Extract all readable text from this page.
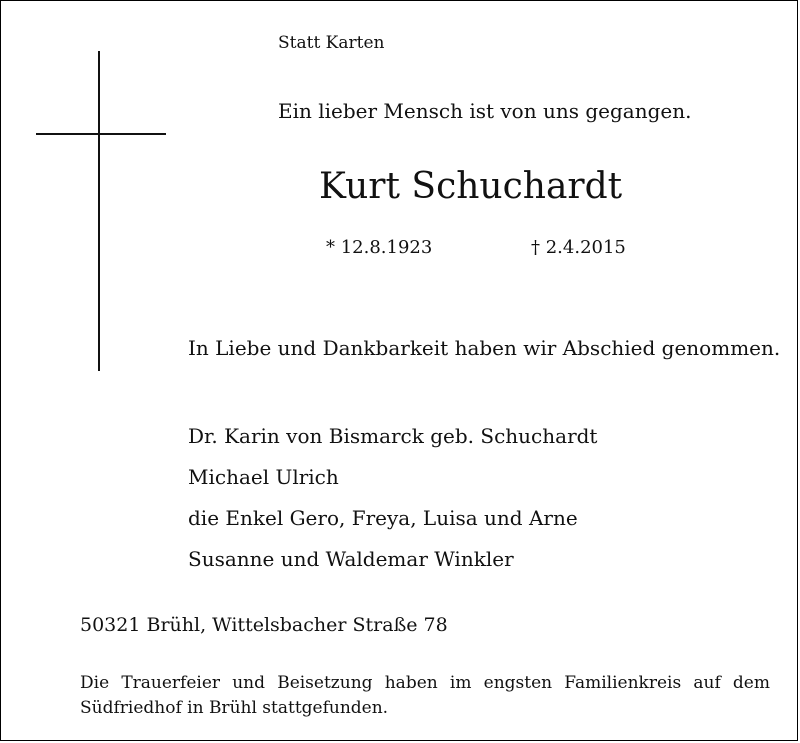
Statt Karten
Ein lieber Mensch ist von uns gegangen.
Kurt Schuchardt
* 12.8.1923	† 2.4.2015
In Liebe und Dankbarkeit haben wir Abschied genommen.
Dr. Karin von Bismarck geb. Schuchardt
Michael Ulrich
die Enkel Gero, Freya, Luisa und Arne
Susanne und Waldemar Winkler
50321 Brühl, Wittelsbacher Straße 78

Die Trauerfeier und Beisetzung haben im engsten Familienkreis auf dem Südfriedhof in Brühl stattgefunden.
